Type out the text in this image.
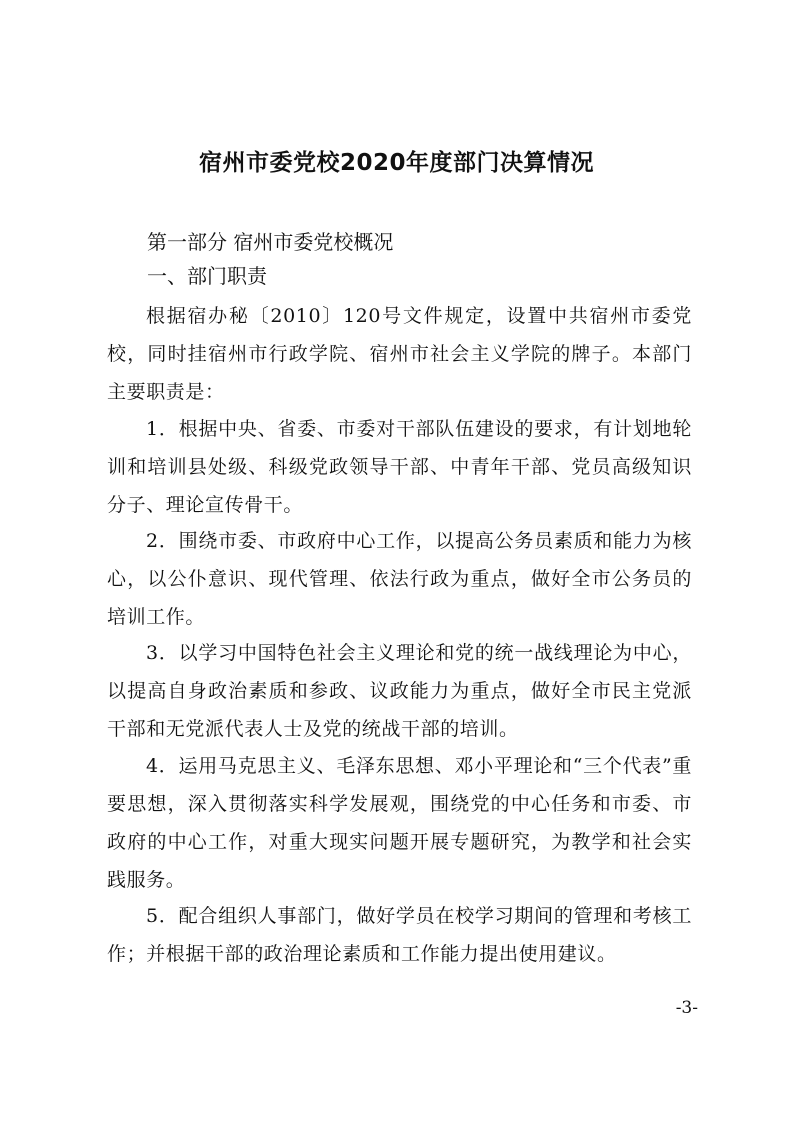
宿州市委党校2020年度部门决算情况
第一部分 宿州市委党校概况
一、部门职责

根据宿办秘〔2010〕120号文件规定，设置中共宿州市委党校，同时挂宿州市行政学院、宿州市社会主义学院的牌子。本部门主要职责是：

1．根据中央、省委、市委对干部队伍建设的要求，有计划地轮训和培训县处级、科级党政领导干部、中青年干部、党员高级知识分子、理论宣传骨干。

2．围绕市委、市政府中心工作，以提高公务员素质和能力为核心，以公仆意识、现代管理、依法行政为重点，做好全市公务员的培训工作。

3．以学习中国特色社会主义理论和党的统一战线理论为中心，以提高自身政治素质和参政、议政能力为重点，做好全市民主党派干部和无党派代表人士及党的统战干部的培训。

4．运用马克思主义、毛泽东思想、邓小平理论和“三个代表”重要思想，深入贯彻落实科学发展观，围绕党的中心任务和市委、市政府的中心工作，对重大现实问题开展专题研究，为教学和社会实践服务。

5．配合组织人事部门，做好学员在校学习期间的管理和考核工作；并根据干部的政治理论素质和工作能力提出使用建议。

-3-
